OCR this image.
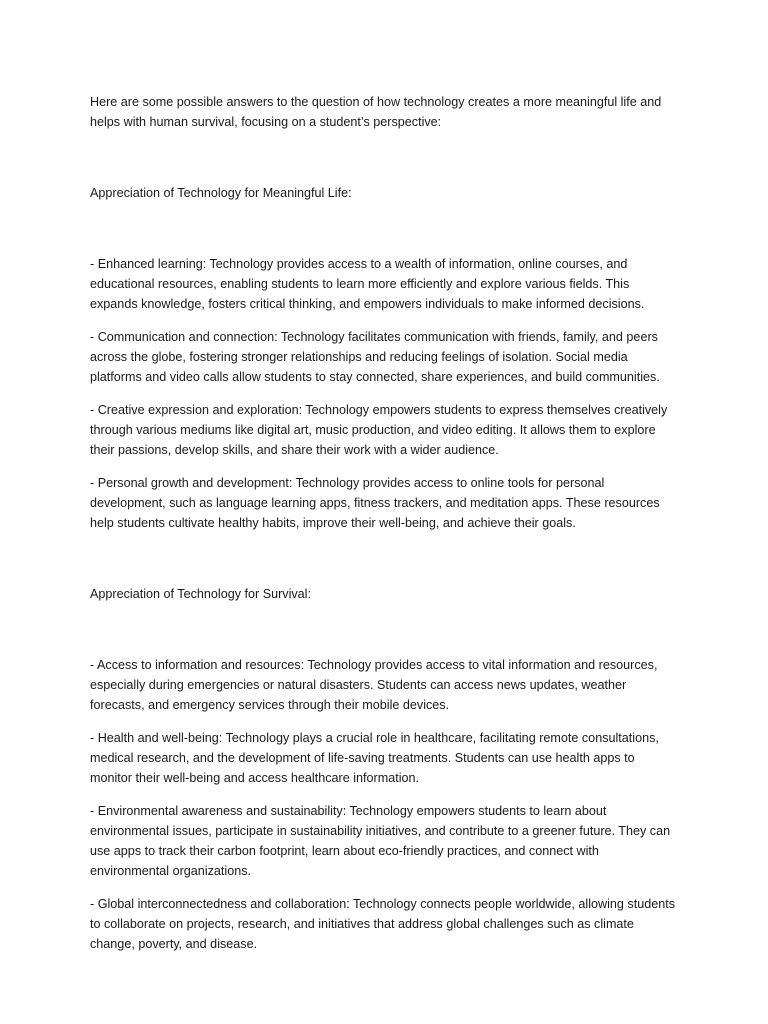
Here are some possible answers to the question of how technology creates a more meaningful life and helps with human survival, focusing on a student’s perspective:

Appreciation of Technology for Meaningful Life:

- Enhanced learning: Technology provides access to a wealth of information, online courses, and educational resources, enabling students to learn more efficiently and explore various fields. This expands knowledge, fosters critical thinking, and empowers individuals to make informed decisions.

- Communication and connection: Technology facilitates communication with friends, family, and peers across the globe, fostering stronger relationships and reducing feelings of isolation. Social media platforms and video calls allow students to stay connected, share experiences, and build communities.

- Creative expression and exploration: Technology empowers students to express themselves creatively through various mediums like digital art, music production, and video editing. It allows them to explore their passions, develop skills, and share their work with a wider audience.

- Personal growth and development: Technology provides access to online tools for personal development, such as language learning apps, fitness trackers, and meditation apps. These resources help students cultivate healthy habits, improve their well-being, and achieve their goals.

Appreciation of Technology for Survival:

- Access to information and resources: Technology provides access to vital information and resources, especially during emergencies or natural disasters. Students can access news updates, weather forecasts, and emergency services through their mobile devices.

- Health and well-being: Technology plays a crucial role in healthcare, facilitating remote consultations, medical research, and the development of life-saving treatments. Students can use health apps to monitor their well-being and access healthcare information.

- Environmental awareness and sustainability: Technology empowers students to learn about environmental issues, participate in sustainability initiatives, and contribute to a greener future. They can use apps to track their carbon footprint, learn about eco-friendly practices, and connect with environmental organizations.

- Global interconnectedness and collaboration: Technology connects people worldwide, allowing students to collaborate on projects, research, and initiatives that address global challenges such as climate change, poverty, and disease.
